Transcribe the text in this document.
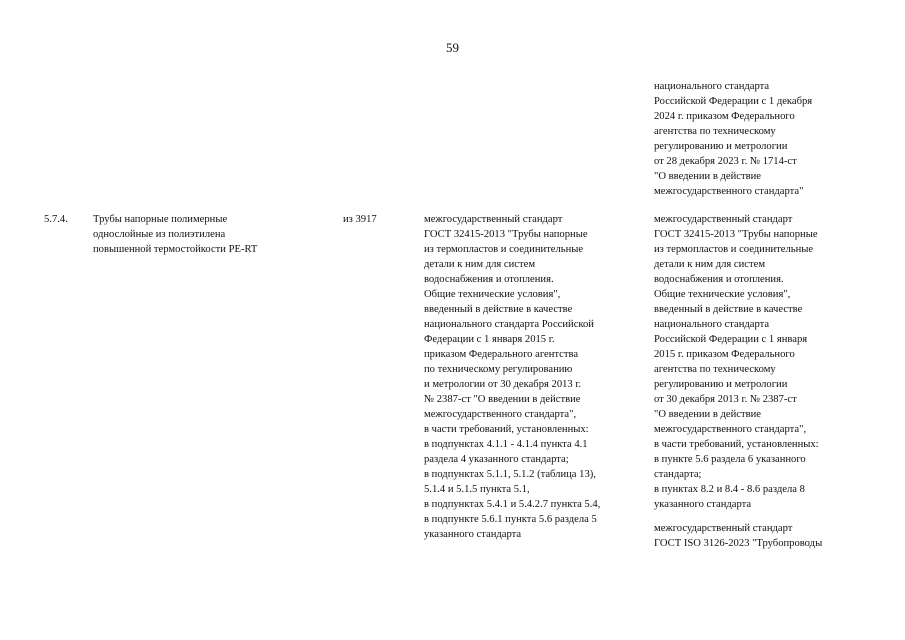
59
национального стандарта
Российской Федерации с 1 декабря
2024 г. приказом Федерального
агентства по техническому
регулированию и метрологии
от 28 декабря 2023 г. № 1714-ст
"О введении в действие
межгосударственного стандарта"
5.7.4.	Трубы напорные полимерные
однослойные из полиэтилена
повышенной термостойкости PE-RT
из 3917	межгосударственный стандарт
ГОСТ 32415-2013 "Трубы напорные
из термопластов и соединительные
детали к ним для систем
водоснабжения и отопления.
Общие технические условия",
введенный в действие в качестве
национального стандарта Российской
Федерации с 1 января 2015 г.
приказом Федерального агентства
по техническому регулированию
и метрологии от 30 декабря 2013 г.
№ 2387-ст "О введении в действие
межгосударственного стандарта",
в части требований, установленных:
в подпунктах 4.1.1 - 4.1.4 пункта 4.1
раздела 4 указанного стандарта;
в подпунктах 5.1.1, 5.1.2 (таблица 13),
5.1.4 и 5.1.5 пункта 5.1,
в подпунктах 5.4.1 и 5.4.2.7 пункта 5.4,
в подпункте 5.6.1 пункта 5.6 раздела 5
указанного стандарта
межгосударственный стандарт
ГОСТ 32415-2013 "Трубы напорные
из термопластов и соединительные
детали к ним для систем
водоснабжения и отопления.
Общие технические условия",
введенный в действие в качестве
национального стандарта
Российской Федерации с 1 января
2015 г. приказом Федерального
агентства по техническому
регулированию и метрологии
от 30 декабря 2013 г. № 2387-ст
"О введении в действие
межгосударственного стандарта",
в части требований, установленных:
в пункте 5.6 раздела 6 указанного
стандарта;
в пунктах 8.2 и 8.4 - 8.6 раздела 8
указанного стандарта
межгосударственный стандарт
ГОСТ ISO 3126-2023 "Трубопроводы
